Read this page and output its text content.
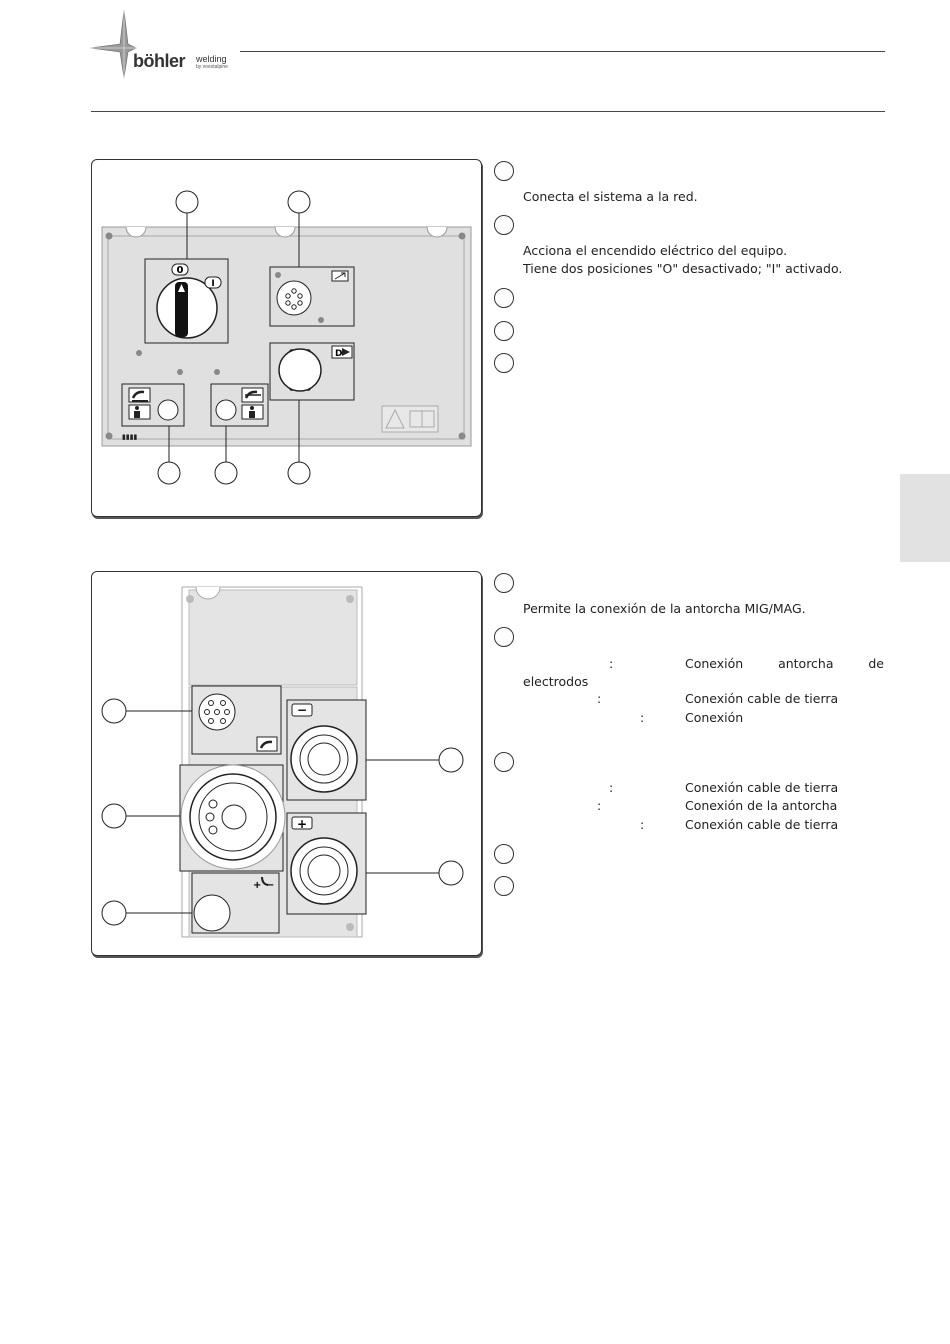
böhler welding
by voestalpine
0
I
D
▮▮▮▮
Conecta el sistema a la red.
Acciona el encendido eléctrico del equipo.
Tiene dos posiciones "O" desactivado; "I" activado.
+ −
−
+
Permite la conexión de la antorcha MIG/MAG.
:	Conexión antorcha de
electrodos
:	Conexión cable de tierra
:	Conexión
:	Conexión cable de tierra
:	Conexión de la antorcha
:	Conexión cable de tierra
